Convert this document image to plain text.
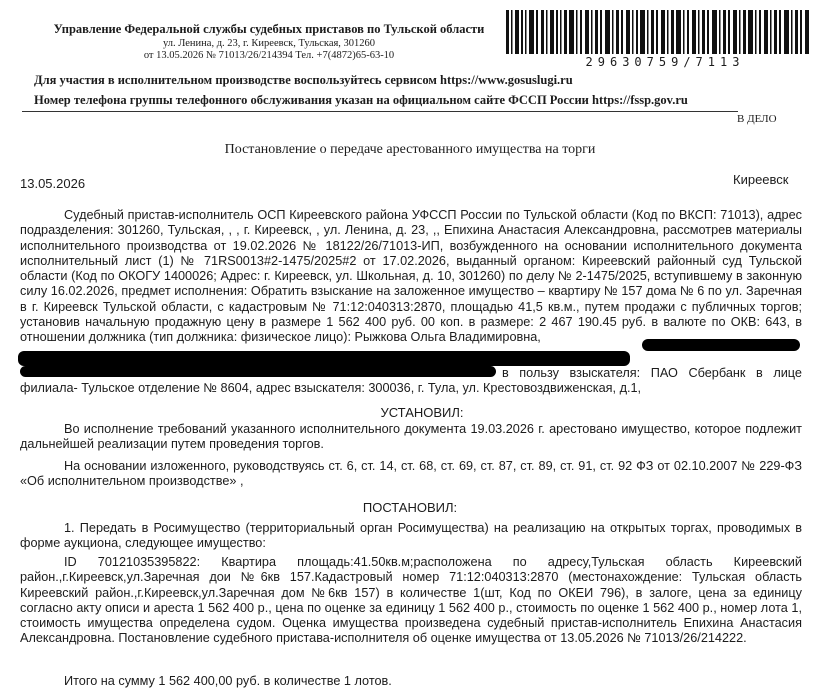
Управление Федеральной службы судебных приставов по Тульской области
ул. Ленина, д. 23, г. Киреевск, Тульская, 301260
от 13.05.2026 № 71013/26/214394 Тел. +7(4872)65-63-10	29630759/7113
Для участия в исполнительном производстве воспользуйтесь сервисом https://www.gosuslugi.ru
Номер телефона группы телефонного обслуживания указан на официальном сайте ФССП России https://fssp.gov.ru
В ДЕЛО
Постановление о передаче арестованного имущества на торги
13.05.2026	Киреевск

Судебный пристав-исполнитель ОСП Киреевского района УФССП России по Тульской области (Код по ВКСП: 71013), адрес подразделения: 301260, Тульская, , , г. Киреевск, , ул. Ленина, д. 23, ,, Епихина Анастасия Александровна, рассмотрев материалы исполнительного производства от 19.02.2026 № 18122/26/71013-ИП, возбужденного на основании исполнительного документа исполнительный лист (1) № 71RS0013#2-1475/2025#2 от 17.02.2026, выданный органом: Киреевский районный суд Тульской области (Код по ОКОГУ 1400026; Адрес: г. Киреевск, ул. Школьная, д. 10, 301260) по делу № 2-1475/2025, вступившему в законную силу 16.02.2026, предмет исполнения: Обратить взыскание на заложенное имущество – квартиру № 157 дома № 6 по ул. Заречная в г. Киреевск Тульской области, с кадастровым № 71:12:040313:2870, площадью 41,5 кв.м., путем продажи с публичных торгов; установив начальную продажную цену в размере 1 562 400 руб. 00 коп. в размере: 2 467 190.45 руб. в валюте по ОКВ: 643, в отношении должника (тип должника: физическое лицо): Рыжкова Ольга Владимировна,

в пользу взыскателя: ПАО Сбербанк в лице филиала- Тульское отделение № 8604, адрес взыскателя: 300036, г. Тула, ул. Крестовоздвиженская, д.1,

УСТАНОВИЛ:

Во исполнение требований указанного исполнительного документа 19.03.2026 г. арестовано имущество, которое подлежит дальнейшей реализации путем проведения торгов.

На основании изложенного, руководствуясь ст. 6, ст. 14, ст. 68, ст. 69, ст. 87, ст. 89, ст. 91, ст. 92 ФЗ от 02.10.2007 № 229-ФЗ «Об исполнительном производстве» ,

ПОСТАНОВИЛ:

1. Передать в Росимущество (территориальный орган Росимущества) на реализацию на открытых торгах, проводимых в форме аукциона, следующее имущество:

ID 70121035395822: Квартира площадь:41.50кв.м;расположена по адресу,Тульская область Киреевский район.,г.Киреевск,ул.Заречная дои №6кв 157.Кадастровый номер 71:12:040313:2870 (местонахождение: Тульская область Киреевский район.,г.Киреевск,ул.Заречная дом №6кв 157) в количестве 1(шт, Код по ОКЕИ 796), в залоге, цена за единицу согласно акту описи и ареста 1 562 400 р., цена по оценке за единицу 1 562 400 р., стоимость по оценке 1 562 400 р., номер лота 1, стоимость имущества определена судом. Оценка имущества произведена судебный пристав-исполнитель Епихина Анастасия Александровна. Постановление судебного пристава-исполнителя об оценке имущества от 13.05.2026 № 71013/26/214222.

Итого на сумму 1 562 400,00 руб. в количестве 1 лотов.
